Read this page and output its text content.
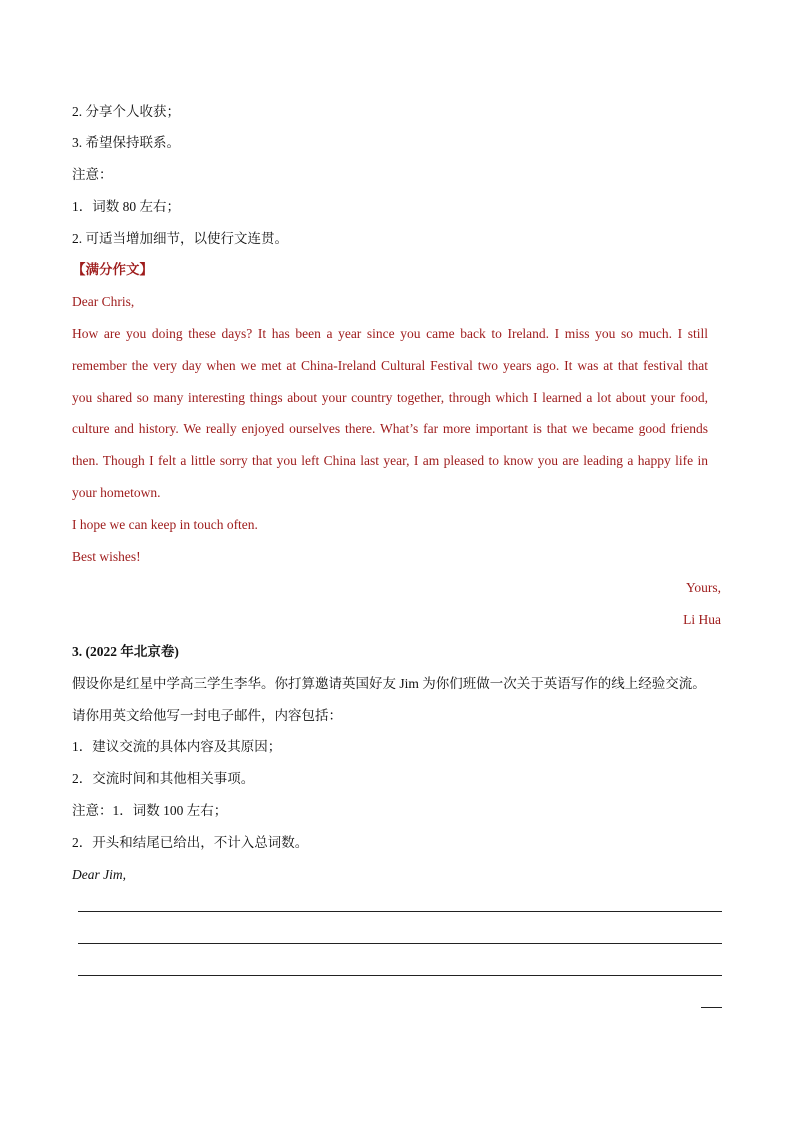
2. 分享个人收获；
3. 希望保持联系。
注意：
1．词数 80 左右；
2. 可适当增加细节，以使行文连贯。
【满分作文】
Dear Chris,
How are you doing these days? It has been a year since you came back to Ireland. I miss you so much. I still
remember the very day when we met at China-Ireland Cultural Festival two years ago. It was at that festival that
you shared so many interesting things about your country together, through which I learned a lot about your food,
culture and history. We really enjoyed ourselves there. What’s far more important is that we became good friends
then. Though I felt a little sorry that you left China last year, I am pleased to know you are leading a happy life in
your hometown.
I hope we can keep in touch often.
Best wishes!
Yours,
Li Hua
3. (2022 年北京卷)
假设你是红星中学高三学生李华。你打算邀请英国好友 Jim 为你们班做一次关于英语写作的线上经验交流。
请你用英文给他写一封电子邮件，内容包括：
1．建议交流的具体内容及其原因；
2．交流时间和其他相关事项。
注意：1．词数 100 左右；
2．开头和结尾已给出，不计入总词数。
Dear Jim,
